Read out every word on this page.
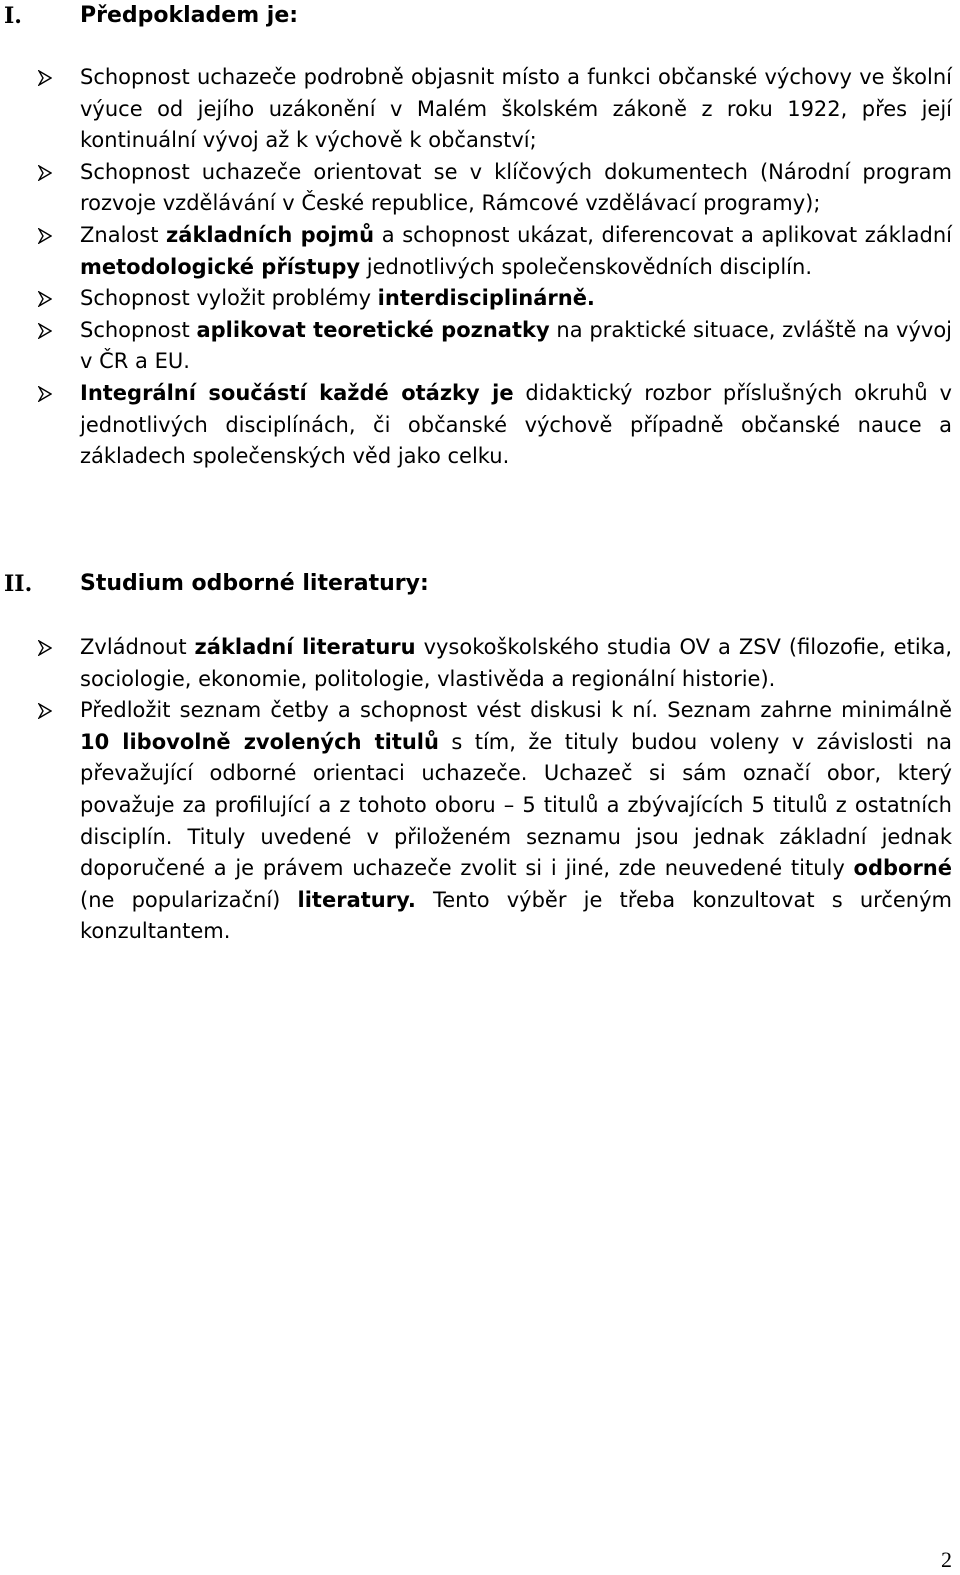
I.	Předpokladem je:
Schopnost uchazeče podrobně objasnit místo a funkci občanské výchovy ve školní výuce od jejího uzákonění v Malém školském zákoně z roku 1922, přes její kontinuální vývoj až k výchově k občanství;
Schopnost uchazeče orientovat se v klíčových dokumentech (Národní program rozvoje vzdělávání v České republice, Rámcové vzdělávací programy);
Znalost základních pojmů a schopnost ukázat, diferencovat a aplikovat základní metodologické přístupy jednotlivých společenskovědních disciplín.
Schopnost vyložit problémy interdisciplinárně.
Schopnost aplikovat teoretické poznatky na praktické situace, zvláště na vývoj v ČR a EU.
Integrální součástí každé otázky je didaktický rozbor příslušných okruhů v jednotlivých disciplínách, či občanské výchově případně občanské nauce a základech společenských věd jako celku.
II. Studium odborné literatury:
Zvládnout základní literaturu vysokoškolského studia OV a ZSV (filozofie, etika, sociologie, ekonomie, politologie, vlastivěda a regionální historie).
Předložit seznam četby a schopnost vést diskusi k ní. Seznam zahrne minimálně 10 libovolně zvolených titulů s tím, že tituly budou voleny v závislosti na převažující odborné orientaci uchazeče. Uchazeč si sám označí obor, který považuje za profilující a z tohoto oboru – 5 titulů a zbývajících 5 titulů z ostatních disciplín. Tituly uvedené v přiloženém seznamu jsou jednak základní jednak doporučené a je právem uchazeče zvolit si i jiné, zde neuvedené tituly odborné (ne popularizační) literatury. Tento výběr je třeba konzultovat s určeným konzultantem.
2
